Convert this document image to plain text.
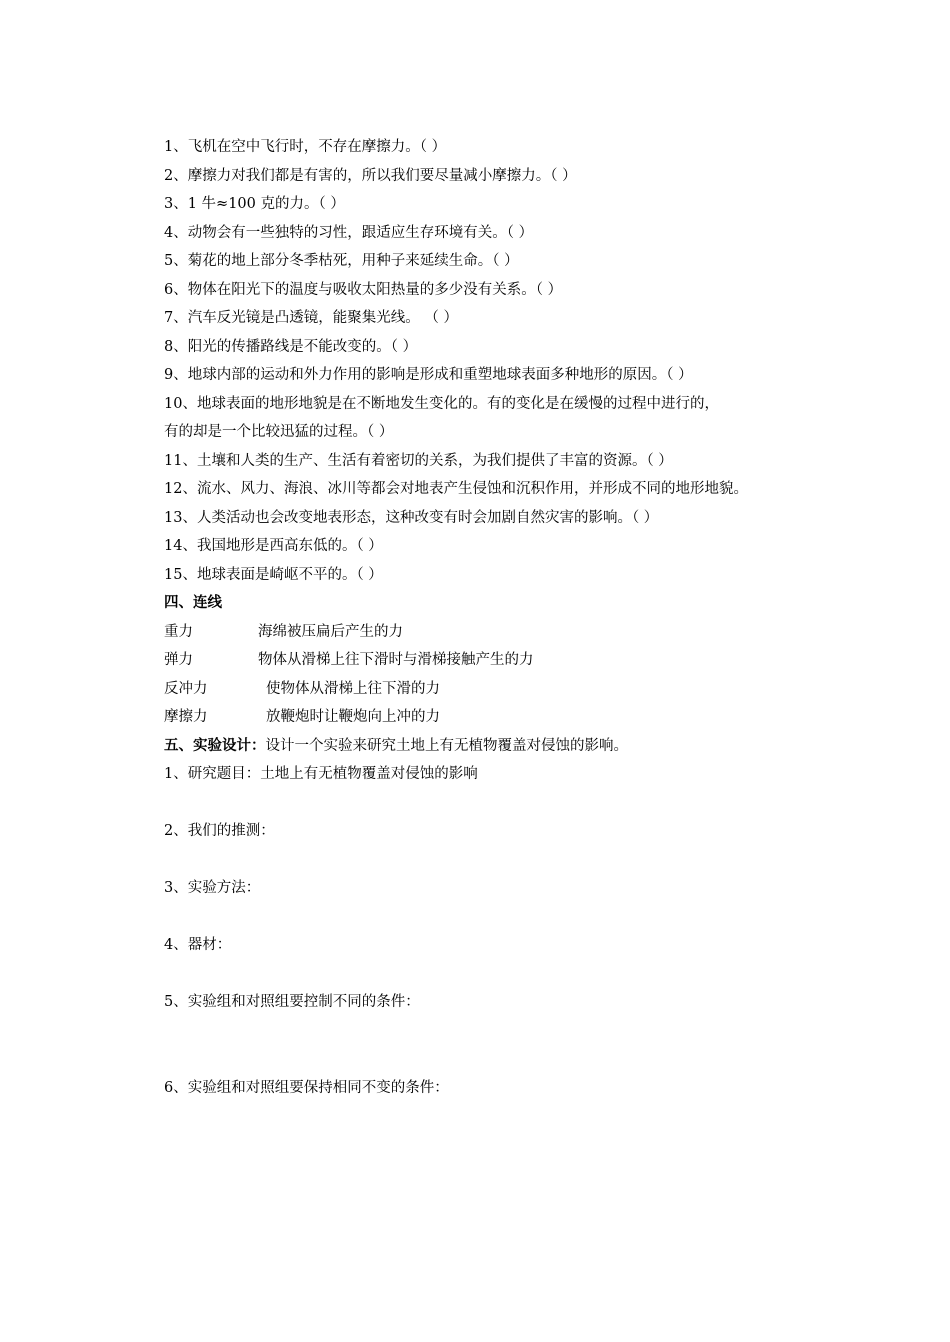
1、飞机在空中飞行时，不存在摩擦力。（ ）
2、摩擦力对我们都是有害的，所以我们要尽量减小摩擦力。（ ）
3、1 牛≈100 克的力。（ ）
4、动物会有一些独特的习性，跟适应生存环境有关。（ ）
5、菊花的地上部分冬季枯死，用种子来延续生命。（ ）
6、物体在阳光下的温度与吸收太阳热量的多少没有关系。（ ）
7、汽车反光镜是凸透镜，能聚集光线。 （ ）
8、阳光的传播路线是不能改变的。（ ）
9、地球内部的运动和外力作用的影响是形成和重塑地球表面多种地形的原因。（ ）
10、地球表面的地形地貌是在不断地发生变化的。有的变化是在缓慢的过程中进行的，
有的却是一个比较迅猛的过程。（ ）
11、土壤和人类的生产、生活有着密切的关系，为我们提供了丰富的资源。（ ）
12、流水、风力、海浪、冰川等都会对地表产生侵蚀和沉积作用，并形成不同的地形地貌。
13、人类活动也会改变地表形态，这种改变有时会加剧自然灾害的影响。（ ）
14、我国地形是西高东低的。（ ）
15、地球表面是崎岖不平的。（ ）
四、连线
重力	海绵被压扁后产生的力
弹力	物体从滑梯上往下滑时与滑梯接触产生的力
反冲力	使物体从滑梯上往下滑的力
摩擦力	放鞭炮时让鞭炮向上冲的力
五、实验设计：设计一个实验来研究土地上有无植物覆盖对侵蚀的影响。
1、研究题目：土地上有无植物覆盖对侵蚀的影响
2、我们的推测：
3、实验方法：
4、器材：
5、实验组和对照组要控制不同的条件：
6、实验组和对照组要保持相同不变的条件：
